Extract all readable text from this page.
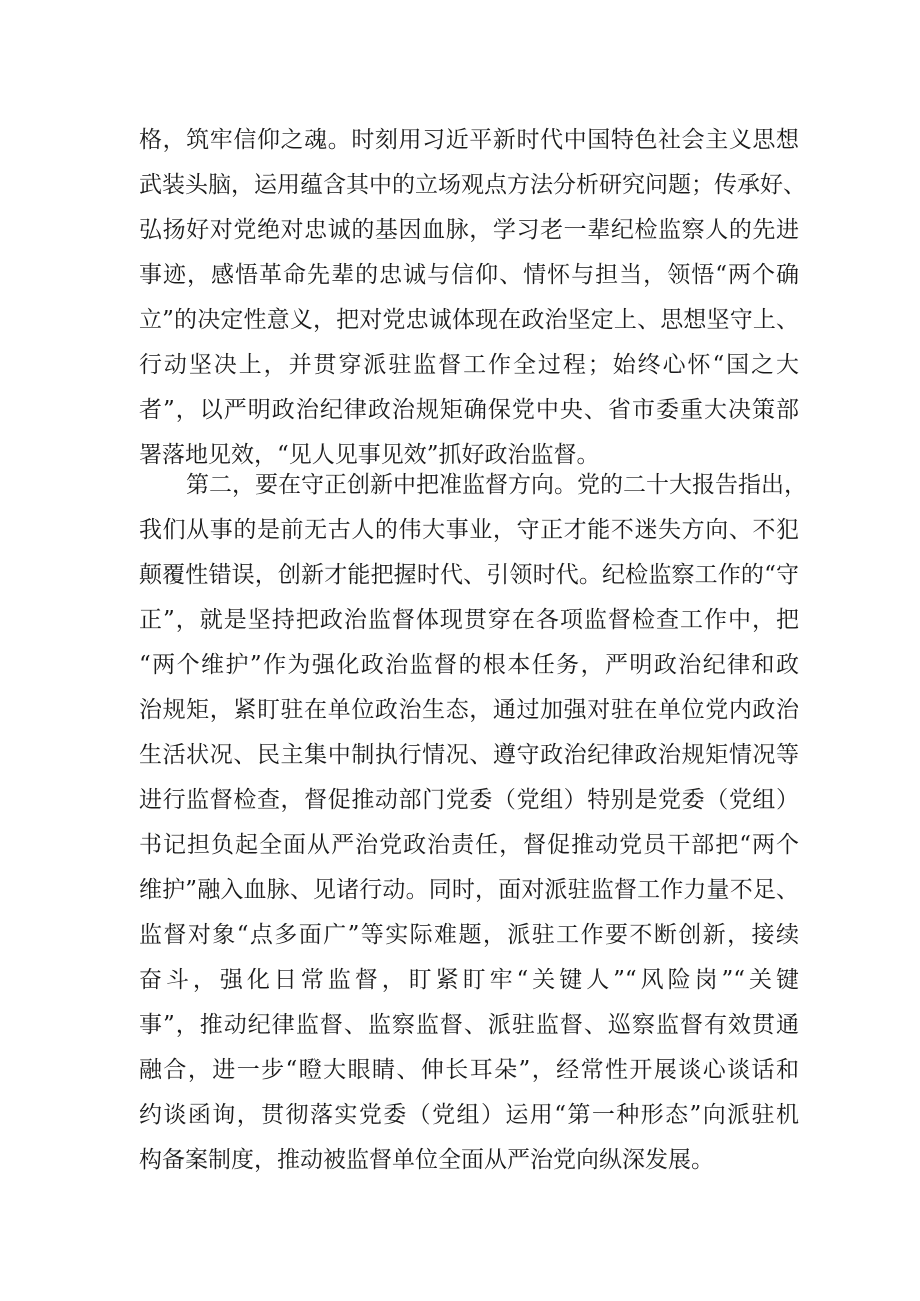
格，筑牢信仰之魂。时刻用习近平新时代中国特色社会主义思想
武装头脑，运用蕴含其中的立场观点方法分析研究问题；传承好、
弘扬好对党绝对忠诚的基因血脉，学习老一辈纪检监察人的先进
事迹，感悟革命先辈的忠诚与信仰、情怀与担当，领悟“两个确
立”的决定性意义，把对党忠诚体现在政治坚定上、思想坚守上、
行动坚决上，并贯穿派驻监督工作全过程；始终心怀“国之大
者”，以严明政治纪律政治规矩确保党中央、省市委重大决策部
署落地见效，“见人见事见效”抓好政治监督。
第二，要在守正创新中把准监督方向。党的二十大报告指出，
我们从事的是前无古人的伟大事业，守正才能不迷失方向、不犯
颠覆性错误，创新才能把握时代、引领时代。纪检监察工作的“守
正”，就是坚持把政治监督体现贯穿在各项监督检查工作中，把
“两个维护”作为强化政治监督的根本任务，严明政治纪律和政
治规矩，紧盯驻在单位政治生态，通过加强对驻在单位党内政治
生活状况、民主集中制执行情况、遵守政治纪律政治规矩情况等
进行监督检查，督促推动部门党委（党组）特别是党委（党组）
书记担负起全面从严治党政治责任，督促推动党员干部把“两个
维护”融入血脉、见诸行动。同时，面对派驻监督工作力量不足、
监督对象“点多面广”等实际难题，派驻工作要不断创新，接续
奋斗，强化日常监督，盯紧盯牢“关键人”“风险岗”“关键
事”，推动纪律监督、监察监督、派驻监督、巡察监督有效贯通
融合，进一步“瞪大眼睛、伸长耳朵”，经常性开展谈心谈话和
约谈函询，贯彻落实党委（党组）运用“第一种形态”向派驻机
构备案制度，推动被监督单位全面从严治党向纵深发展。
